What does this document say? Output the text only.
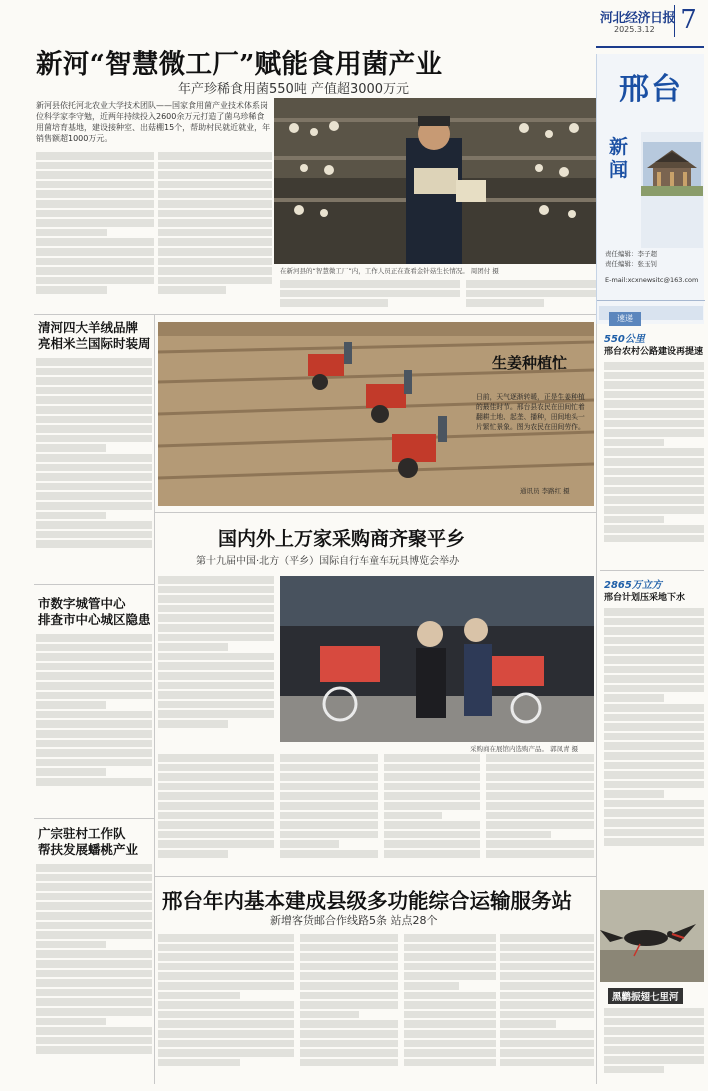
河北经济日报
2025.3.12 7
邢台
新闻
责任编辑：李子超
责任编辑：张玉钊
E-mail:xcxnewsitc@163.com
速递
新河“智慧微工厂”赋能食用菌产业
年产珍稀食用菌550吨 产值超3000万元
新河县依托河北农业大学技术团队——国家食用菌产业技术体系岗位科学家李守勉，近两年持续投入2600余万元打造了菌乌珍稀食用菌培育基地，建设接种室、出菇棚15个，帮助村民就近就业，年销售额超1000万元。
在新河县的“智慧微工厂”内，工作人员正在查看金针菇生长情况。 周团付 摄
清河四大羊绒品牌
亮相米兰国际时装周
市数字城管中心
排查市中心城区隐患
广宗驻村工作队
帮扶发展蟠桃产业
生姜种植忙
日前，天气逐渐转暖，正是生姜种植的最佳时节。邢台县农民在田间忙着翻耕土地、起垄、播种，田间地头一片繁忙景象。图为农民在田间劳作。
通讯员 李路红 摄
国内外上万家采购商齐聚平乡
第十九届中国·北方（平乡）国际自行车童车玩具博览会举办
采购商在展馆内选购产品。 郭凤青 摄
邢台年内基本建成县级多功能综合运输服务站
新增客货邮合作线路5条 站点28个
550公里
邢台农村公路建设再提速
2865万立方
邢台计划压采地下水
黑鹳振翅七里河
